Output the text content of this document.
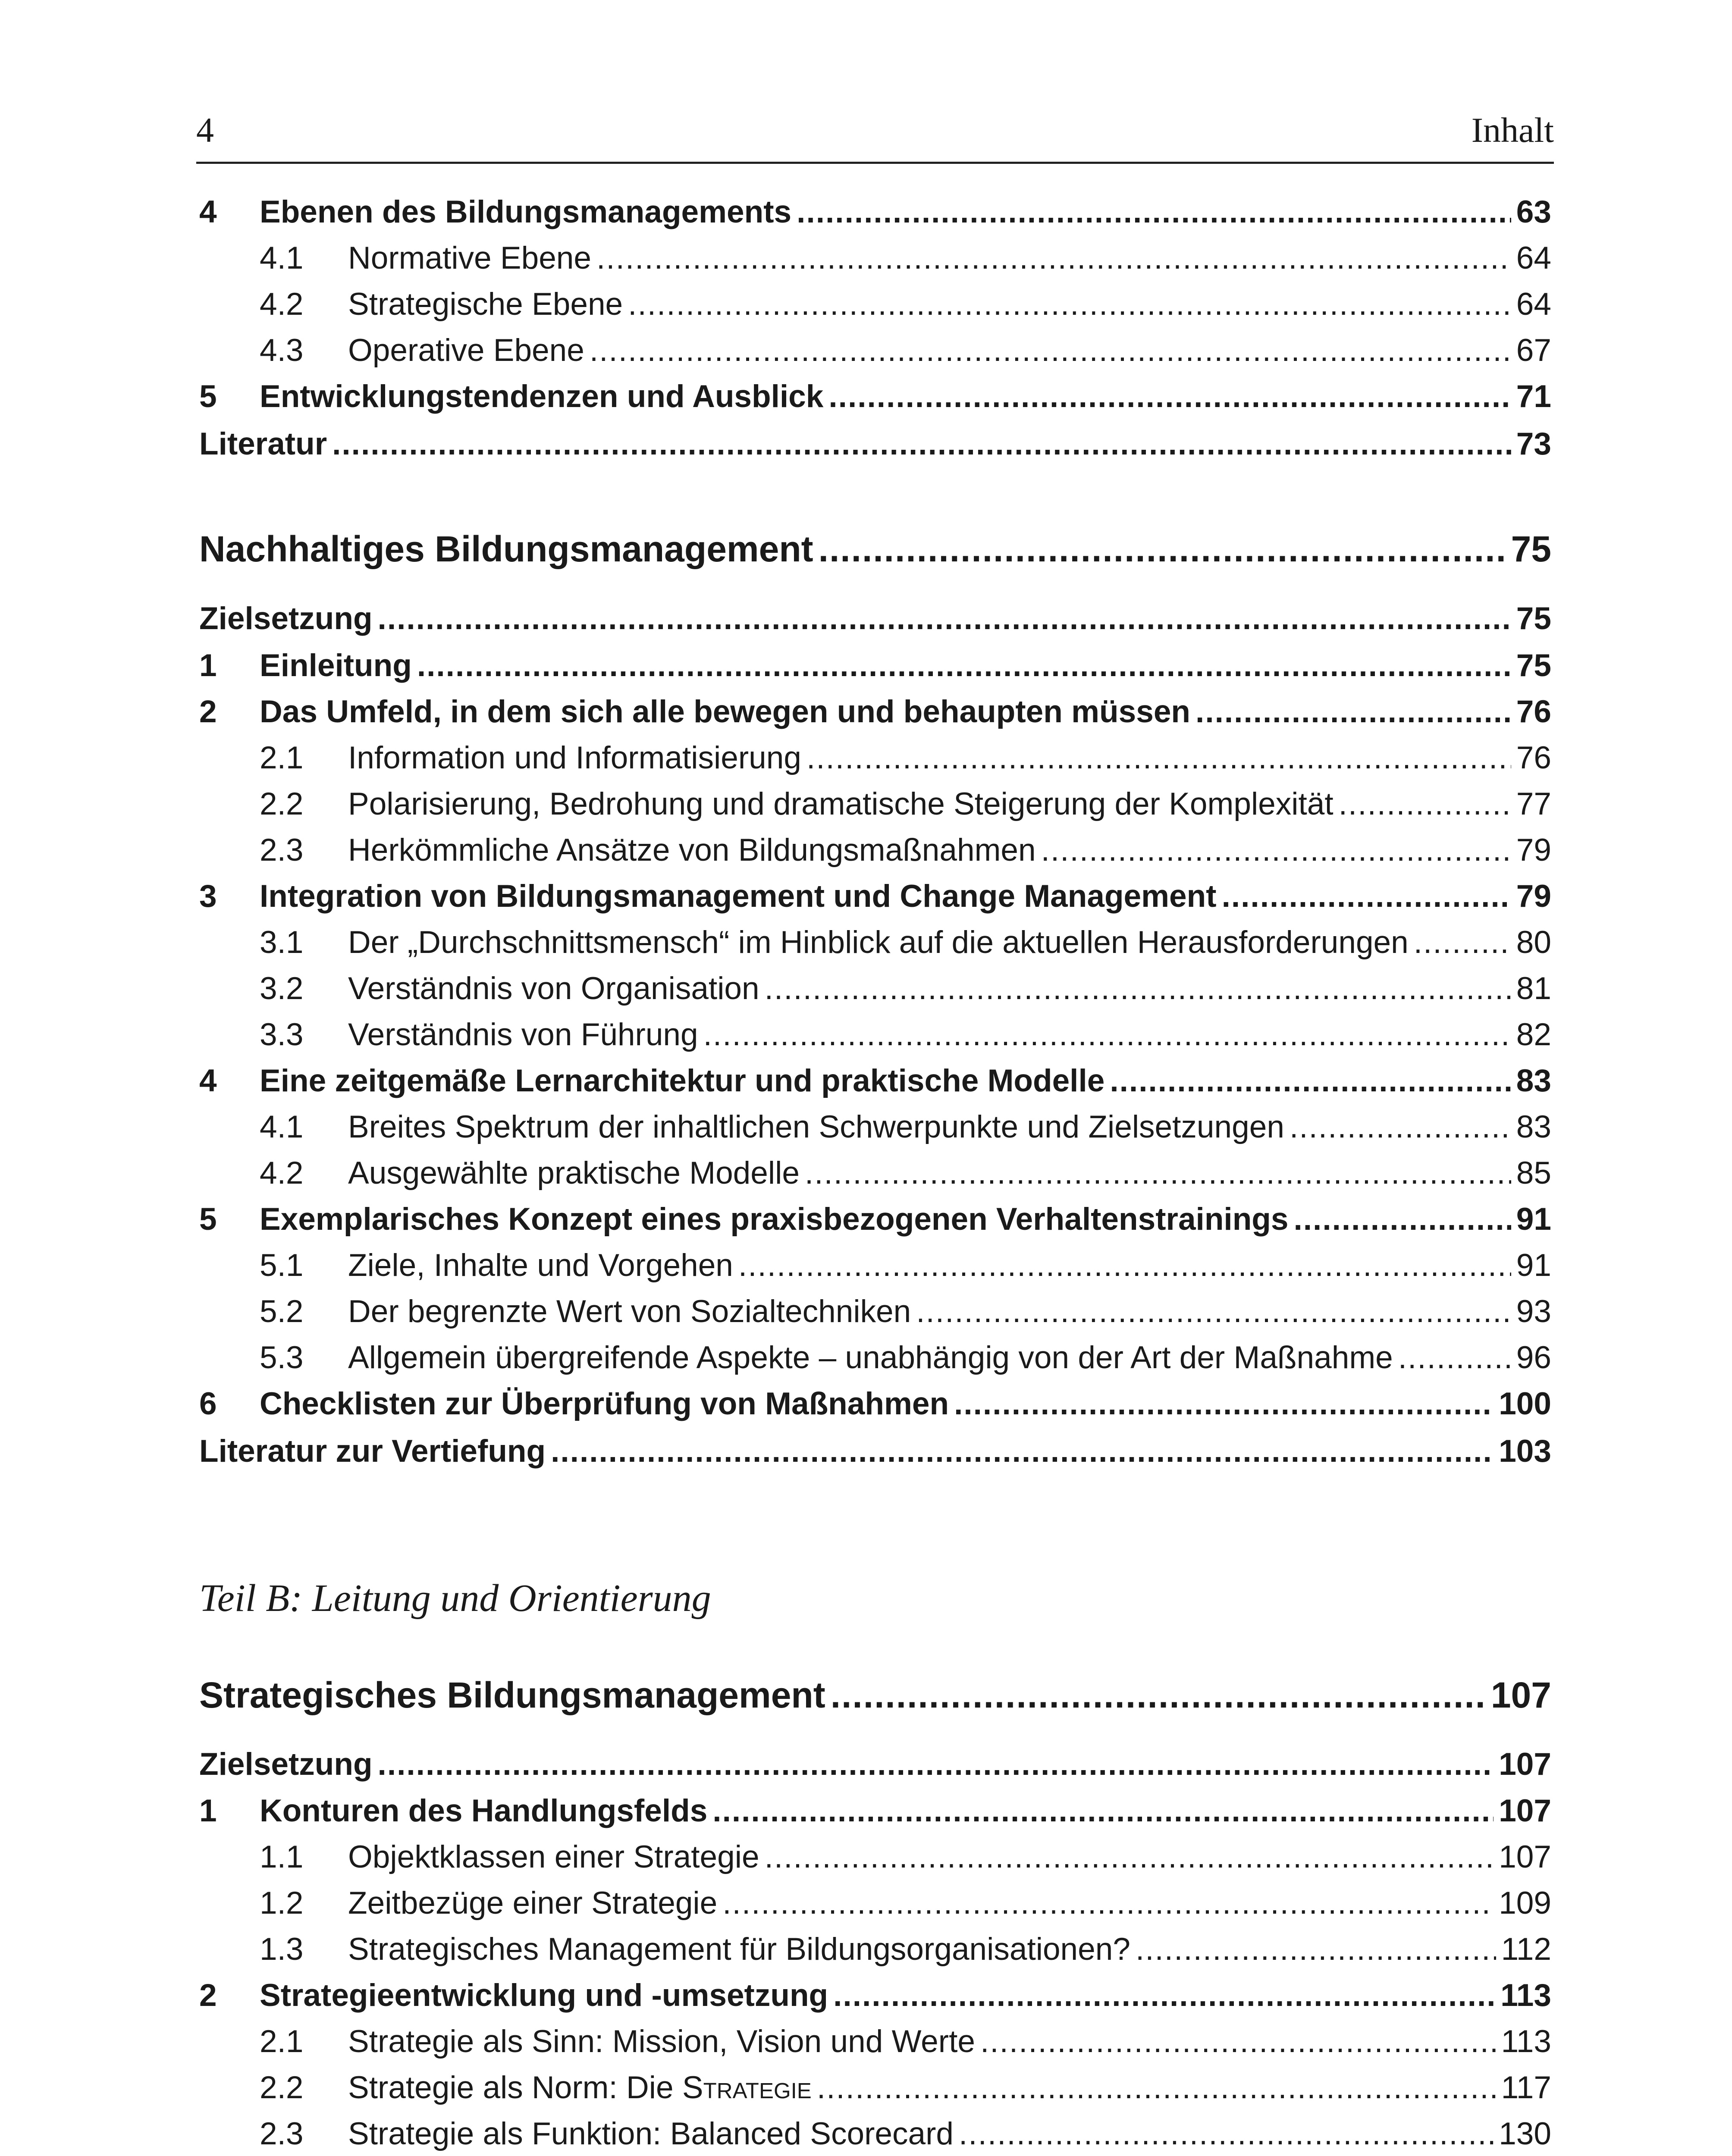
4	Inhalt
4	Ebenen des Bildungsmanagements .....	63
4.1	Normative Ebene .....	64
4.2	Strategische Ebene .....	64
4.3	Operative Ebene .....	67
5	Entwicklungstendenzen und Ausblick .....	71
Literatur .....	73
Nachhaltiges Bildungsmanagement .....	75
Zielsetzung .....	75
1	Einleitung .....	75
2	Das Umfeld, in dem sich alle bewegen und behaupten müssen .....	76
2.1	Information und Informatisierung .....	76
2.2	Polarisierung, Bedrohung und dramatische Steigerung der Komplexität .....	77
2.3	Herkömmliche Ansätze von Bildungsmaßnahmen .....	79
3	Integration von Bildungsmanagement und Change Management .....	79
3.1	Der „Durchschnittsmensch“ im Hinblick auf die aktuellen Herausforderungen .....	80
3.2	Verständnis von Organisation .....	81
3.3	Verständnis von Führung .....	82
4	Eine zeitgemäße Lernarchitektur und praktische Modelle .....	83
4.1	Breites Spektrum der inhaltlichen Schwerpunkte und Zielsetzungen .....	83
4.2	Ausgewählte praktische Modelle .....	85
5	Exemplarisches Konzept eines praxisbezogenen Verhaltenstrainings .....	91
5.1	Ziele, Inhalte und Vorgehen .....	91
5.2	Der begrenzte Wert von Sozialtechniken .....	93
5.3	Allgemein übergreifende Aspekte – unabhängig von der Art der Maßnahme .....	96
6	Checklisten zur Überprüfung von Maßnahmen .....	100
Literatur zur Vertiefung .....	103
Teil B: Leitung und Orientierung
Strategisches Bildungsmanagement .....	107
Zielsetzung .....	107
1	Konturen des Handlungsfelds .....	107
1.1	Objektklassen einer Strategie .....	107
1.2	Zeitbezüge einer Strategie .....	109
1.3	Strategisches Management für Bildungsorganisationen? .....	112
2	Strategieentwicklung und -umsetzung .....	113
2.1	Strategie als Sinn: Mission, Vision und Werte .....	113
2.2	Strategie als Norm: Die Strategie .....	117
2.3	Strategie als Funktion: Balanced Scorecard .....	130
